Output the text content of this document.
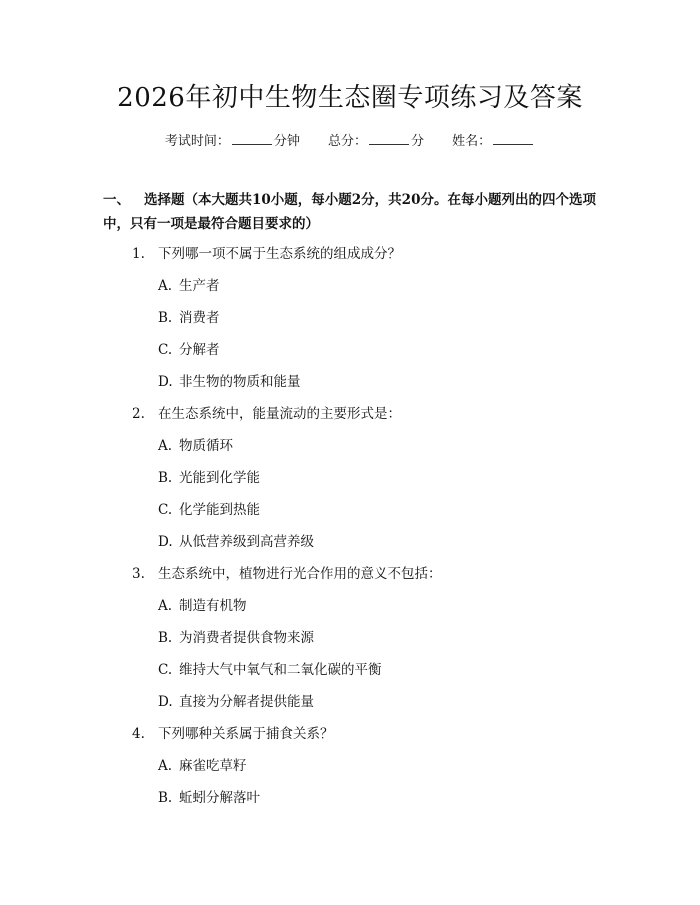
2026年初中生物生态圈专项练习及答案
考试时间：	分钟 总分：	分 姓名：
一、 选择题（本大题共10小题，每小题2分，共20分。在每小题列出的四个选项中，只有一项是最符合题目要求的）
1. 下列哪一项不属于生态系统的组成成分？
A. 生产者
B. 消费者
C. 分解者
D. 非生物的物质和能量
2. 在生态系统中，能量流动的主要形式是：
A. 物质循环
B. 光能到化学能
C. 化学能到热能
D. 从低营养级到高营养级
3. 生态系统中，植物进行光合作用的意义不包括：
A. 制造有机物
B. 为消费者提供食物来源
C. 维持大气中氧气和二氧化碳的平衡
D. 直接为分解者提供能量
4. 下列哪种关系属于捕食关系？
A. 麻雀吃草籽
B. 蚯蚓分解落叶
